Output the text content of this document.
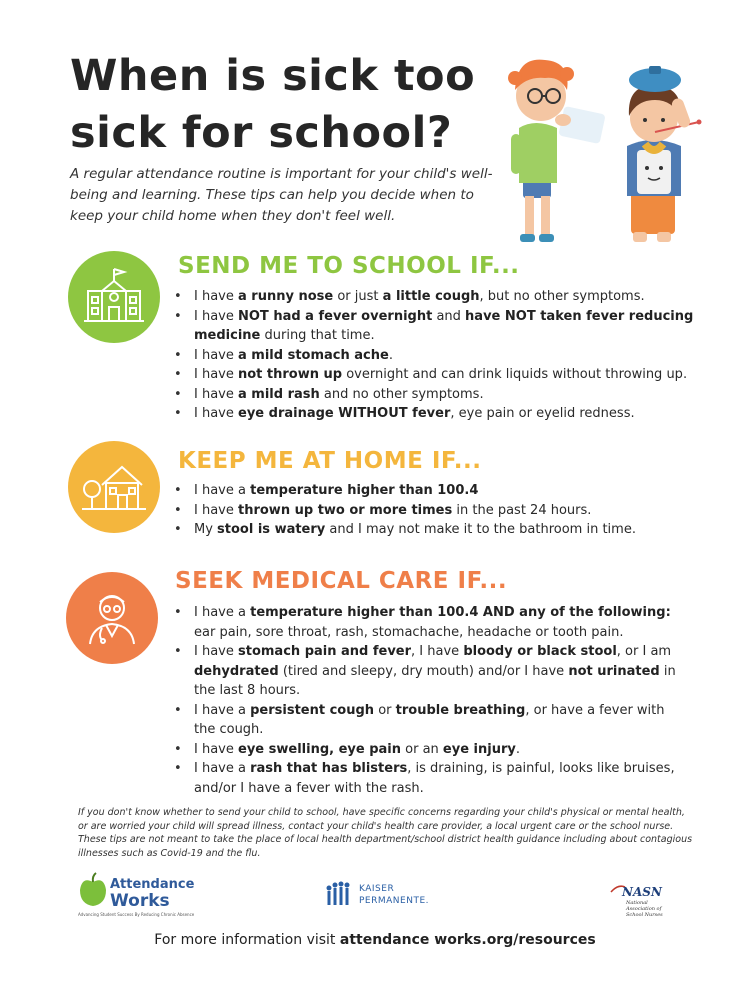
When is sick too
sick for school?
A regular attendance routine is important for your child's well-being and learning. These tips can help you decide when to keep your child home when they don't feel well.
SEND ME TO SCHOOL IF...
• I have a runny nose or just a little cough, but no other symptoms.
• I have NOT had a fever overnight and have NOT taken fever reducing medicine during that time.
• I have a mild stomach ache.
• I have not thrown up overnight and can drink liquids without throwing up.
• I have a mild rash and no other symptoms.
• I have eye drainage WITHOUT fever, eye pain or eyelid redness.
KEEP ME AT HOME IF...
• I have a temperature higher than 100.4
• I have thrown up two or more times in the past 24 hours.
• My stool is watery and I may not make it to the bathroom in time.
SEEK MEDICAL CARE IF...
• I have a temperature higher than 100.4 AND any of the following: ear pain, sore throat, rash, stomachache, headache or tooth pain.
• I have stomach pain and fever, I have bloody or black stool, or I am dehydrated (tired and sleepy, dry mouth) and/or I have not urinated in the last 8 hours.
• I have a persistent cough or trouble breathing, or have a fever with the cough.
• I have eye swelling, eye pain or an eye injury.
• I have a rash that has blisters, is draining, is painful, looks like bruises, and/or I have a fever with the rash.
If you don't know whether to send your child to school, have specific concerns regarding your child's physical or mental health, or are worried your child will spread illness, contact your child's health care provider, a local urgent care or the school nurse. These tips are not meant to take the place of local health department/school district health guidance including about contagious illnesses such as Covid-19 and the flu.
Attendance
Works
Advancing Student Success By Reducing Chronic Absence
KAISER
PERMANENTE.
NASN
National
Association of
School Nurses
For more information visit attendance works.org/resources
